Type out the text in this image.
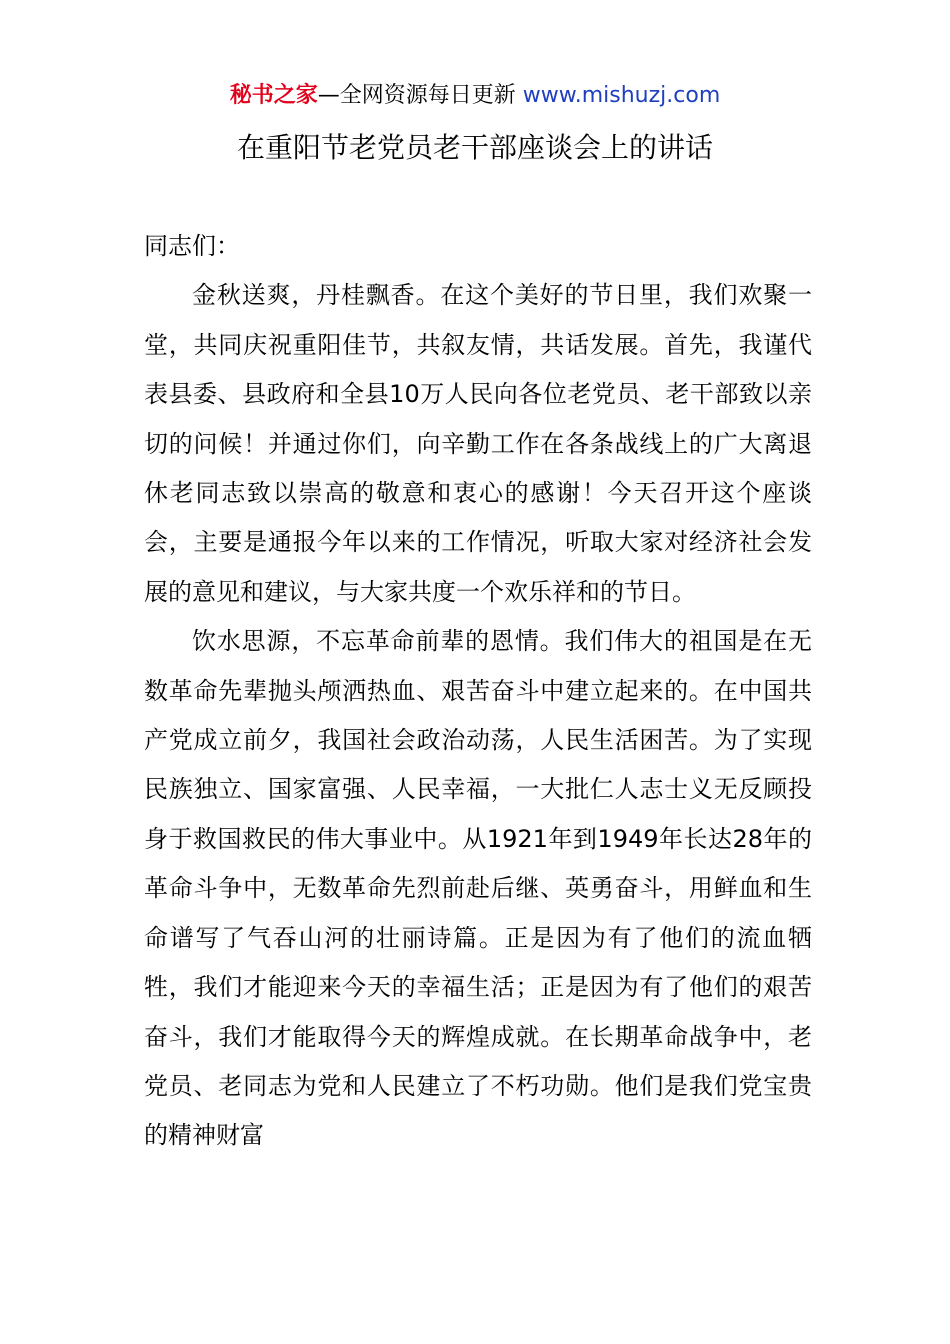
秘书之家—全网资源每日更新 www.mishuzj.com
在重阳节老党员老干部座谈会上的讲话

同志们：

金秋送爽，丹桂飘香。在这个美好的节日里，我们欢聚一堂，共同庆祝重阳佳节，共叙友情，共话发展。首先，我谨代表县委、县政府和全县10万人民向各位老党员、老干部致以亲切的问候！并通过你们，向辛勤工作在各条战线上的广大离退休老同志致以崇高的敬意和衷心的感谢！今天召开这个座谈会，主要是通报今年以来的工作情况，听取大家对经济社会发展的意见和建议，与大家共度一个欢乐祥和的节日。

饮水思源，不忘革命前辈的恩情。我们伟大的祖国是在无数革命先辈抛头颅洒热血、艰苦奋斗中建立起来的。在中国共产党成立前夕，我国社会政治动荡，人民生活困苦。为了实现民族独立、国家富强、人民幸福，一大批仁人志士义无反顾投身于救国救民的伟大事业中。从1921年到1949年长达28年的革命斗争中，无数革命先烈前赴后继、英勇奋斗，用鲜血和生命谱写了气吞山河的壮丽诗篇。正是因为有了他们的流血牺牲，我们才能迎来今天的幸福生活；正是因为有了他们的艰苦奋斗，我们才能取得今天的辉煌成就。在长期革命战争中，老党员、老同志为党和人民建立了不朽功勋。他们是我们党宝贵的精神财富
